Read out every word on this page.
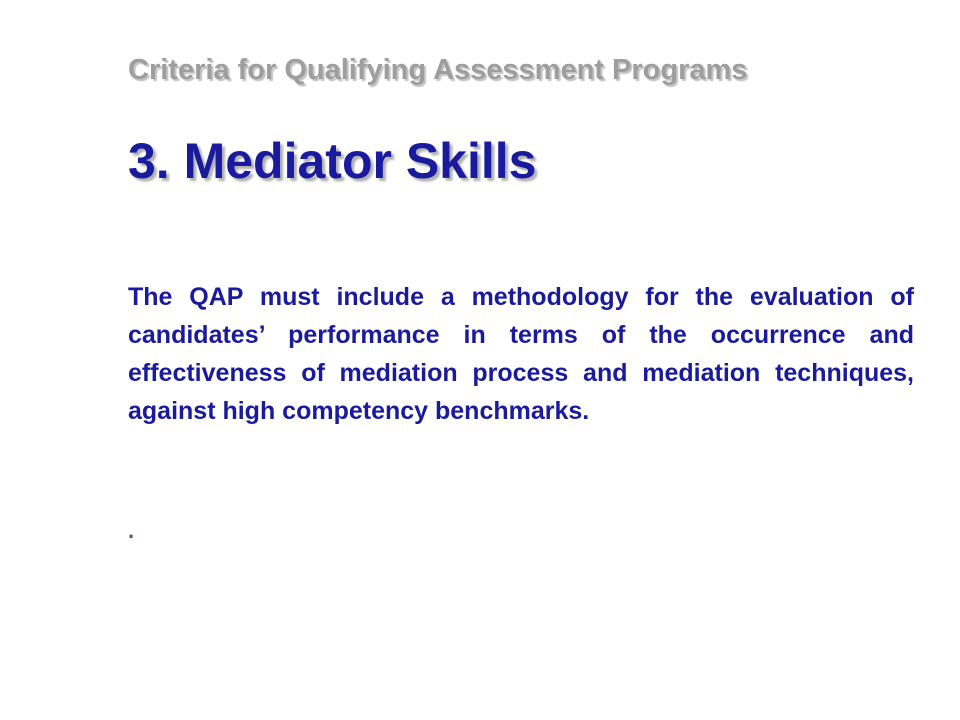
Criteria for Qualifying Assessment Programs
3. Mediator Skills

The QAP must include a methodology for the evaluation of candidates’ performance in terms of the occurrence and effectiveness of mediation process and mediation techniques, against high competency benchmarks.

.
